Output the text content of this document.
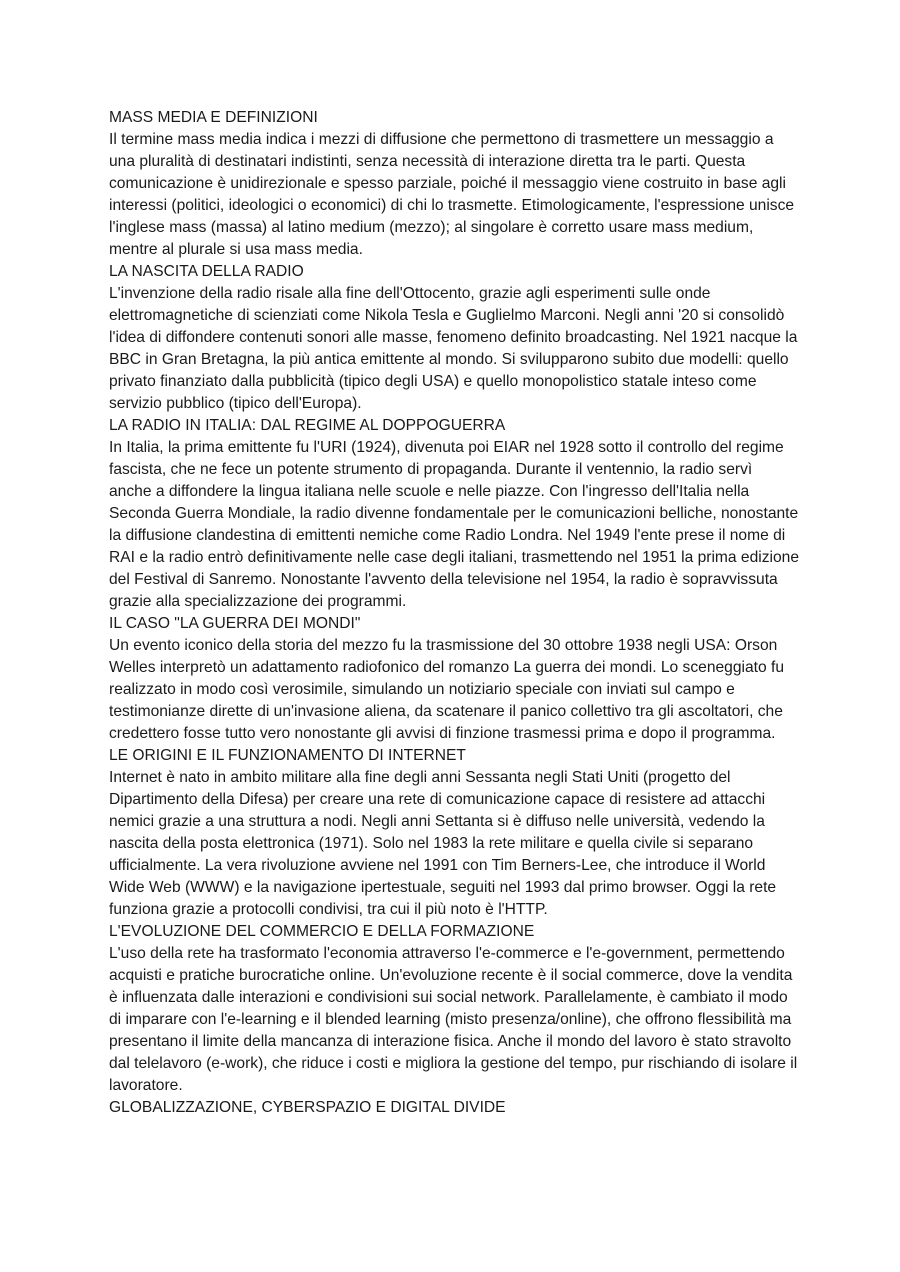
MASS MEDIA E DEFINIZIONI

Il termine mass media indica i mezzi di diffusione che permettono di trasmettere un messaggio a una pluralità di destinatari indistinti, senza necessità di interazione diretta tra le parti. Questa comunicazione è unidirezionale e spesso parziale, poiché il messaggio viene costruito in base agli interessi (politici, ideologici o economici) di chi lo trasmette. Etimologicamente, l'espressione unisce l'inglese mass (massa) al latino medium (mezzo); al singolare è corretto usare mass medium, mentre al plurale si usa mass media.

LA NASCITA DELLA RADIO

L'invenzione della radio risale alla fine dell'Ottocento, grazie agli esperimenti sulle onde elettromagnetiche di scienziati come Nikola Tesla e Guglielmo Marconi. Negli anni '20 si consolidò l'idea di diffondere contenuti sonori alle masse, fenomeno definito broadcasting. Nel 1921 nacque la BBC in Gran Bretagna, la più antica emittente al mondo. Si svilupparono subito due modelli: quello privato finanziato dalla pubblicità (tipico degli USA) e quello monopolistico statale inteso come servizio pubblico (tipico dell'Europa).

LA RADIO IN ITALIA: DAL REGIME AL DOPPOGUERRA

In Italia, la prima emittente fu l'URI (1924), divenuta poi EIAR nel 1928 sotto il controllo del regime fascista, che ne fece un potente strumento di propaganda. Durante il ventennio, la radio servì anche a diffondere la lingua italiana nelle scuole e nelle piazze. Con l'ingresso dell'Italia nella Seconda Guerra Mondiale, la radio divenne fondamentale per le comunicazioni belliche, nonostante la diffusione clandestina di emittenti nemiche come Radio Londra. Nel 1949 l'ente prese il nome di RAI e la radio entrò definitivamente nelle case degli italiani, trasmettendo nel 1951 la prima edizione del Festival di Sanremo. Nonostante l'avvento della televisione nel 1954, la radio è sopravvissuta grazie alla specializzazione dei programmi.

IL CASO "LA GUERRA DEI MONDI"

Un evento iconico della storia del mezzo fu la trasmissione del 30 ottobre 1938 negli USA: Orson Welles interpretò un adattamento radiofonico del romanzo La guerra dei mondi. Lo sceneggiato fu realizzato in modo così verosimile, simulando un notiziario speciale con inviati sul campo e testimonianze dirette di un'invasione aliena, da scatenare il panico collettivo tra gli ascoltatori, che credettero fosse tutto vero nonostante gli avvisi di finzione trasmessi prima e dopo il programma.

LE ORIGINI E IL FUNZIONAMENTO DI INTERNET

Internet è nato in ambito militare alla fine degli anni Sessanta negli Stati Uniti (progetto del Dipartimento della Difesa) per creare una rete di comunicazione capace di resistere ad attacchi nemici grazie a una struttura a nodi. Negli anni Settanta si è diffuso nelle università, vedendo la nascita della posta elettronica (1971). Solo nel 1983 la rete militare e quella civile si separano ufficialmente. La vera rivoluzione avviene nel 1991 con Tim Berners-Lee, che introduce il World Wide Web (WWW) e la navigazione ipertestuale, seguiti nel 1993 dal primo browser. Oggi la rete funziona grazie a protocolli condivisi, tra cui il più noto è l'HTTP.

L'EVOLUZIONE DEL COMMERCIO E DELLA FORMAZIONE

L'uso della rete ha trasformato l'economia attraverso l'e-commerce e l'e-government, permettendo acquisti e pratiche burocratiche online. Un'evoluzione recente è il social commerce, dove la vendita è influenzata dalle interazioni e condivisioni sui social network. Parallelamente, è cambiato il modo di imparare con l'e-learning e il blended learning (misto presenza/online), che offrono flessibilità ma presentano il limite della mancanza di interazione fisica. Anche il mondo del lavoro è stato stravolto dal telelavoro (e-work), che riduce i costi e migliora la gestione del tempo, pur rischiando di isolare il lavoratore.

GLOBALIZZAZIONE, CYBERSPAZIO E DIGITAL DIVIDE
